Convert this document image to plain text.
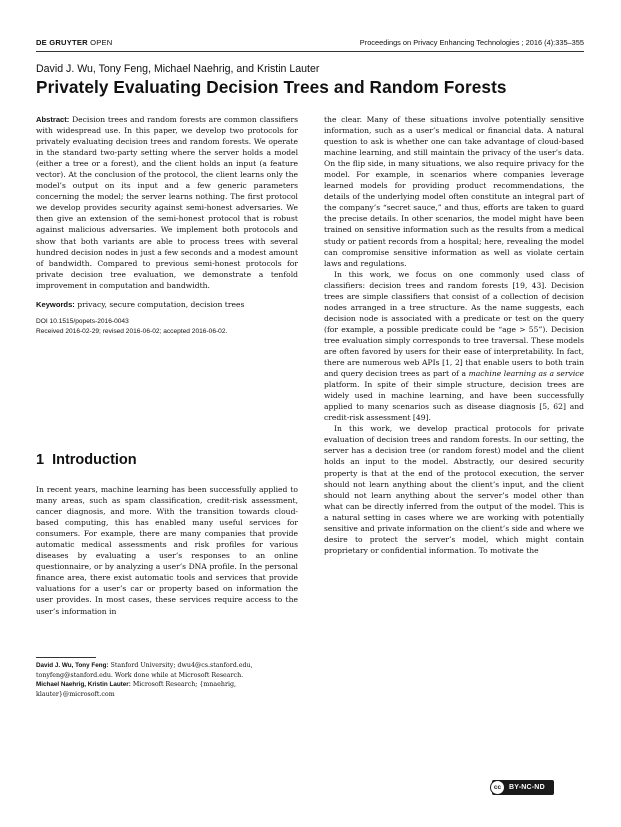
DE GRUYTER OPEN	Proceedings on Privacy Enhancing Technologies ; 2016 (4):335–355
David J. Wu, Tony Feng, Michael Naehrig, and Kristin Lauter
Privately Evaluating Decision Trees and Random Forests

Abstract: Decision trees and random forests are common classifiers with widespread use. In this paper, we develop two protocols for privately evaluating decision trees and random forests. We operate in the standard two-party setting where the server holds a model (either a tree or a forest), and the client holds an input (a feature vector). At the conclusion of the protocol, the client learns only the model’s output on its input and a few generic parameters concerning the model; the server learns nothing. The first protocol we develop provides security against semi-honest adversaries. We then give an extension of the semi-honest protocol that is robust against malicious adversaries. We implement both protocols and show that both variants are able to process trees with several hundred decision nodes in just a few seconds and a modest amount of bandwidth. Compared to previous semi-honest protocols for private decision tree evaluation, we demonstrate a tenfold improvement in computation and bandwidth.

Keywords: privacy, secure computation, decision trees

DOI 10.1515/popets-2016-0043

Received 2016-02-29; revised 2016-06-02; accepted 2016-06-02.

1 Introduction

In recent years, machine learning has been successfully applied to many areas, such as spam classification, credit-risk assessment, cancer diagnosis, and more. With the transition towards cloud-based computing, this has enabled many useful services for consumers. For example, there are many companies that provide automatic medical assessments and risk profiles for various diseases by evaluating a user’s responses to an online questionnaire, or by analyzing a user’s DNA profile. In the personal finance area, there exist automatic tools and services that provide valuations for a user’s car or property based on information the user provides. In most cases, these services require access to the user’s information in

David J. Wu, Tony Feng: Stanford University; dwu4@cs.stanford.edu, tonyfeng@stanford.edu. Work done while at Microsoft Research.

Michael Naehrig, Kristin Lauter: Microsoft Research; {mnaehrig, klauter}@microsoft.com

the clear. Many of these situations involve potentially sensitive information, such as a user’s medical or financial data. A natural question to ask is whether one can take advantage of cloud-based machine learning, and still maintain the privacy of the user’s data. On the flip side, in many situations, we also require privacy for the model. For example, in scenarios where companies leverage learned models for providing product recommendations, the details of the underlying model often constitute an integral part of the company’s “secret sauce,” and thus, efforts are taken to guard the precise details. In other scenarios, the model might have been trained on sensitive information such as the results from a medical study or patient records from a hospital; here, revealing the model can compromise sensitive information as well as violate certain laws and regulations.

In this work, we focus on one commonly used class of classifiers: decision trees and random forests [19, 43]. Decision trees are simple classifiers that consist of a collection of decision nodes arranged in a tree structure. As the name suggests, each decision node is associated with a predicate or test on the query (for example, a possible predicate could be “age > 55”). Decision tree evaluation simply corresponds to tree traversal. These models are often favored by users for their ease of interpretability. In fact, there are numerous web APIs [1, 2] that enable users to both train and query decision trees as part of a machine learning as a service platform. In spite of their simple structure, decision trees are widely used in machine learning, and have been successfully applied to many scenarios such as disease diagnosis [5, 62] and credit-risk assessment [49].

In this work, we develop practical protocols for private evaluation of decision trees and random forests. In our setting, the server has a decision tree (or random forest) model and the client holds an input to the model. Abstractly, our desired security property is that at the end of the protocol execution, the server should not learn anything about the client’s input, and the client should not learn anything about the server’s model other than what can be directly inferred from the output of the model. This is a natural setting in cases where we are working with potentially sensitive and private information on the client’s side and where we desire to protect the server’s model, which might contain proprietary or confidential information. To motivate the

cc	BY-NC-ND
